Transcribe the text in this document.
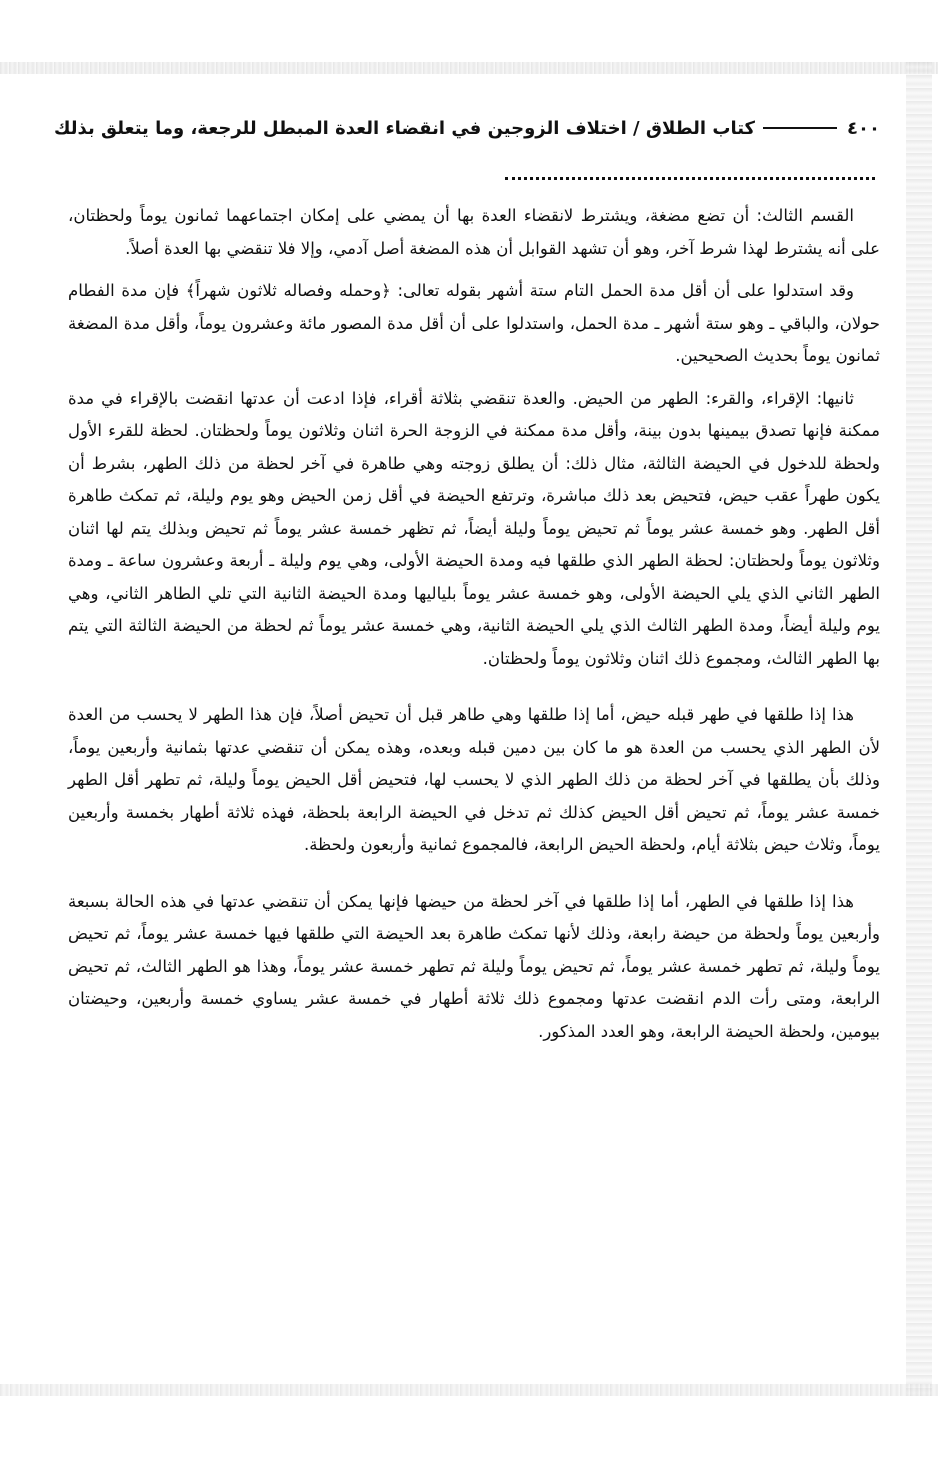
٤٠٠
كتاب الطلاق / اختلاف الزوجين في انقضاء العدة المبطل للرجعة، وما يتعلق بذلك

القسم الثالث: أن تضع مضغة، ويشترط لانقضاء العدة بها أن يمضي على إمكان اجتماعهما ثمانون يوماً ولحظتان، على أنه يشترط لهذا شرط آخر، وهو أن تشهد القوابل أن هذه المضغة أصل آدمي، وإلا فلا تنقضي بها العدة أصلاً.

وقد استدلوا على أن أقل مدة الحمل التام ستة أشهر بقوله تعالى: ﴿وحمله وفصاله ثلاثون شهراً﴾ فإن مدة الفطام حولان، والباقي ـ وهو ستة أشهر ـ مدة الحمل، واستدلوا على أن أقل مدة المصور مائة وعشرون يوماً، وأقل مدة المضغة ثمانون يوماً بحديث الصحيحين.

ثانيها: الإقراء، والقرء: الطهر من الحيض. والعدة تنقضي بثلاثة أقراء، فإذا ادعت أن عدتها انقضت بالإقراء في مدة ممكنة فإنها تصدق بيمينها بدون بينة، وأقل مدة ممكنة في الزوجة الحرة اثنان وثلاثون يوماً ولحظتان. لحظة للقرء الأول ولحظة للدخول في الحيضة الثالثة، مثال ذلك: أن يطلق زوجته وهي طاهرة في آخر لحظة من ذلك الطهر، بشرط أن يكون طهراً عقب حيض، فتحيض بعد ذلك مباشرة، وترتفع الحيضة في أقل زمن الحيض وهو يوم وليلة، ثم تمكث طاهرة أقل الطهر. وهو خمسة عشر يوماً ثم تحيض يوماً وليلة أيضاً، ثم تظهر خمسة عشر يوماً ثم تحيض وبذلك يتم لها اثنان وثلاثون يوماً ولحظتان: لحظة الطهر الذي طلقها فيه ومدة الحيضة الأولى، وهي يوم وليلة ـ أربعة وعشرون ساعة ـ ومدة الطهر الثاني الذي يلي الحيضة الأولى، وهو خمسة عشر يوماً بلياليها ومدة الحيضة الثانية التي تلي الطاهر الثاني، وهي يوم وليلة أيضاً، ومدة الطهر الثالث الذي يلي الحيضة الثانية، وهي خمسة عشر يوماً ثم لحظة من الحيضة الثالثة التي يتم بها الطهر الثالث، ومجموع ذلك اثنان وثلاثون يوماً ولحظتان.

هذا إذا طلقها في طهر قبله حيض، أما إذا طلقها وهي طاهر قبل أن تحيض أصلاً، فإن هذا الطهر لا يحسب من العدة لأن الطهر الذي يحسب من العدة هو ما كان بين دمين قبله وبعده، وهذه يمكن أن تنقضي عدتها بثمانية وأربعين يوماً، وذلك بأن يطلقها في آخر لحظة من ذلك الطهر الذي لا يحسب لها، فتحيض أقل الحيض يوماً وليلة، ثم تطهر أقل الطهر خمسة عشر يوماً، ثم تحيض أقل الحيض كذلك ثم تدخل في الحيضة الرابعة بلحظة، فهذه ثلاثة أطهار بخمسة وأربعين يوماً، وثلاث حيض بثلاثة أيام، ولحظة الحيض الرابعة، فالمجموع ثمانية وأربعون ولحظة.

هذا إذا طلقها في الطهر، أما إذا طلقها في آخر لحظة من حيضها فإنها يمكن أن تنقضي عدتها في هذه الحالة بسبعة وأربعين يوماً ولحظة من حيضة رابعة، وذلك لأنها تمكث طاهرة بعد الحيضة التي طلقها فيها خمسة عشر يوماً، ثم تحيض يوماً وليلة، ثم تطهر خمسة عشر يوماً، ثم تحيض يوماً وليلة ثم تطهر خمسة عشر يوماً، وهذا هو الطهر الثالث، ثم تحيض الرابعة، ومتى رأت الدم انقضت عدتها ومجموع ذلك ثلاثة أطهار في خمسة عشر يساوي خمسة وأربعين، وحيضتان بيومين، ولحظة الحيضة الرابعة، وهو العدد المذكور.
